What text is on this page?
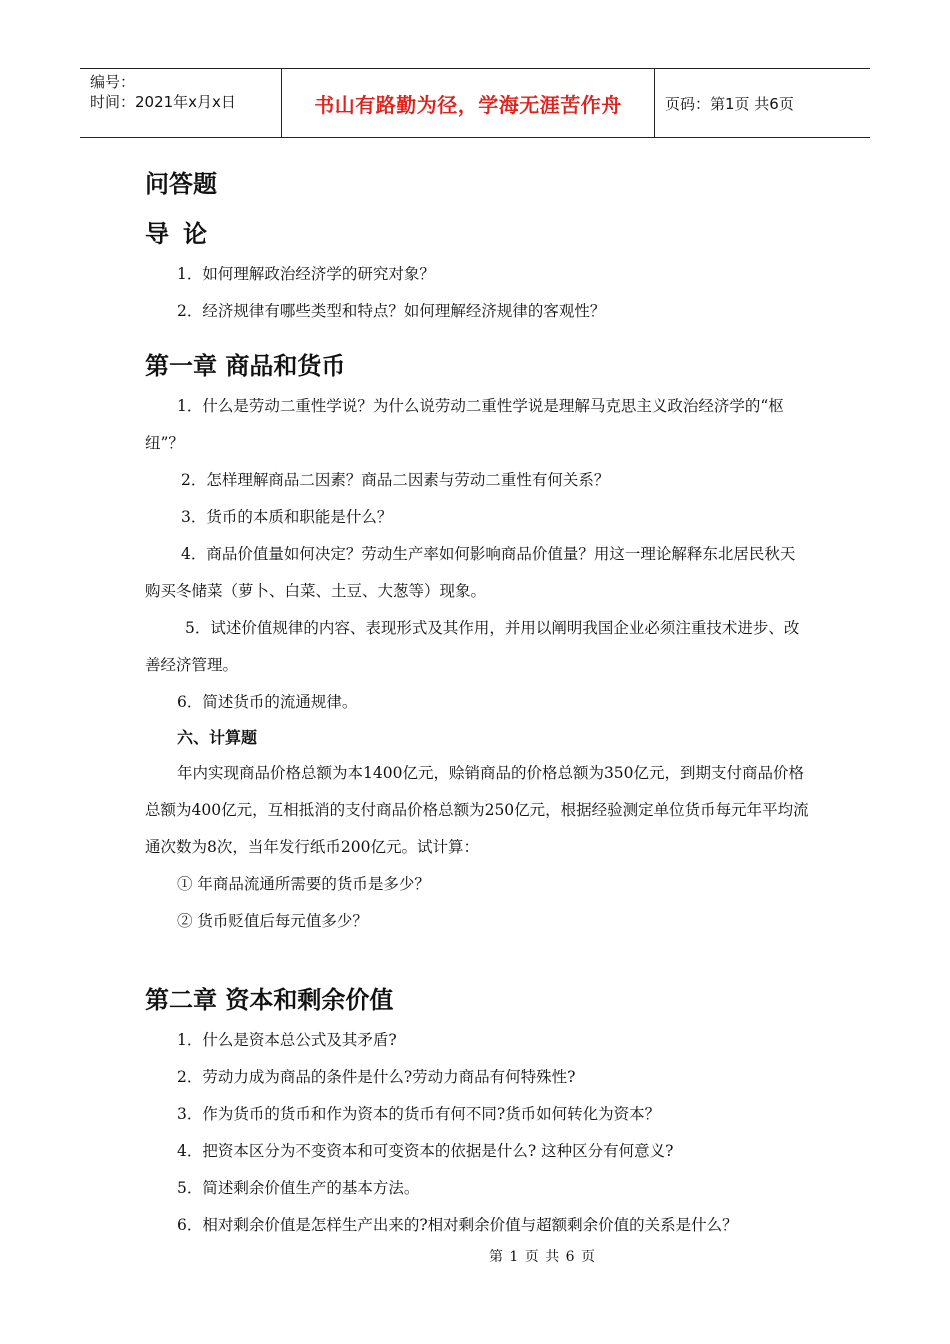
编号：
时间：2021年x月x日	书山有路勤为径，学海无涯苦作舟	页码：第1页 共6页
问答题
导论

1．如何理解政治经济学的研究对象？

2．经济规律有哪些类型和特点？如何理解经济规律的客观性？

第一章 商品和货币

1．什么是劳动二重性学说？为什么说劳动二重性学说是理解马克思主义政治经济学的“枢纽”？

2．怎样理解商品二因素？商品二因素与劳动二重性有何关系？

3．货币的本质和职能是什么？

4．商品价值量如何决定？劳动生产率如何影响商品价值量？用这一理论解释东北居民秋天购买冬储菜（萝卜、白菜、土豆、大葱等）现象。

5．试述价值规律的内容、表现形式及其作用，并用以阐明我国企业必须注重技术进步、改善经济管理。

6．简述货币的流通规律。

六、计算题

年内实现商品价格总额为本1400亿元，赊销商品的价格总额为350亿元，到期支付商品价格总额为400亿元，互相抵消的支付商品价格总额为250亿元，根据经验测定单位货币每元年平均流通次数为8次，当年发行纸币200亿元。试计算：

① 年商品流通所需要的货币是多少？

② 货币贬值后每元值多少？

第二章 资本和剩余价值

1．什么是资本总公式及其矛盾?

2．劳动力成为商品的条件是什么?劳动力商品有何特殊性?

3．作为货币的货币和作为资本的货币有何不同?货币如何转化为资本？

4．把资本区分为不变资本和可变资本的依据是什么? 这种区分有何意义?

5．简述剩余价值生产的基本方法。

6．相对剩余价值是怎样生产出来的?相对剩余价值与超额剩余价值的关系是什么？

第 1 页 共 6 页
